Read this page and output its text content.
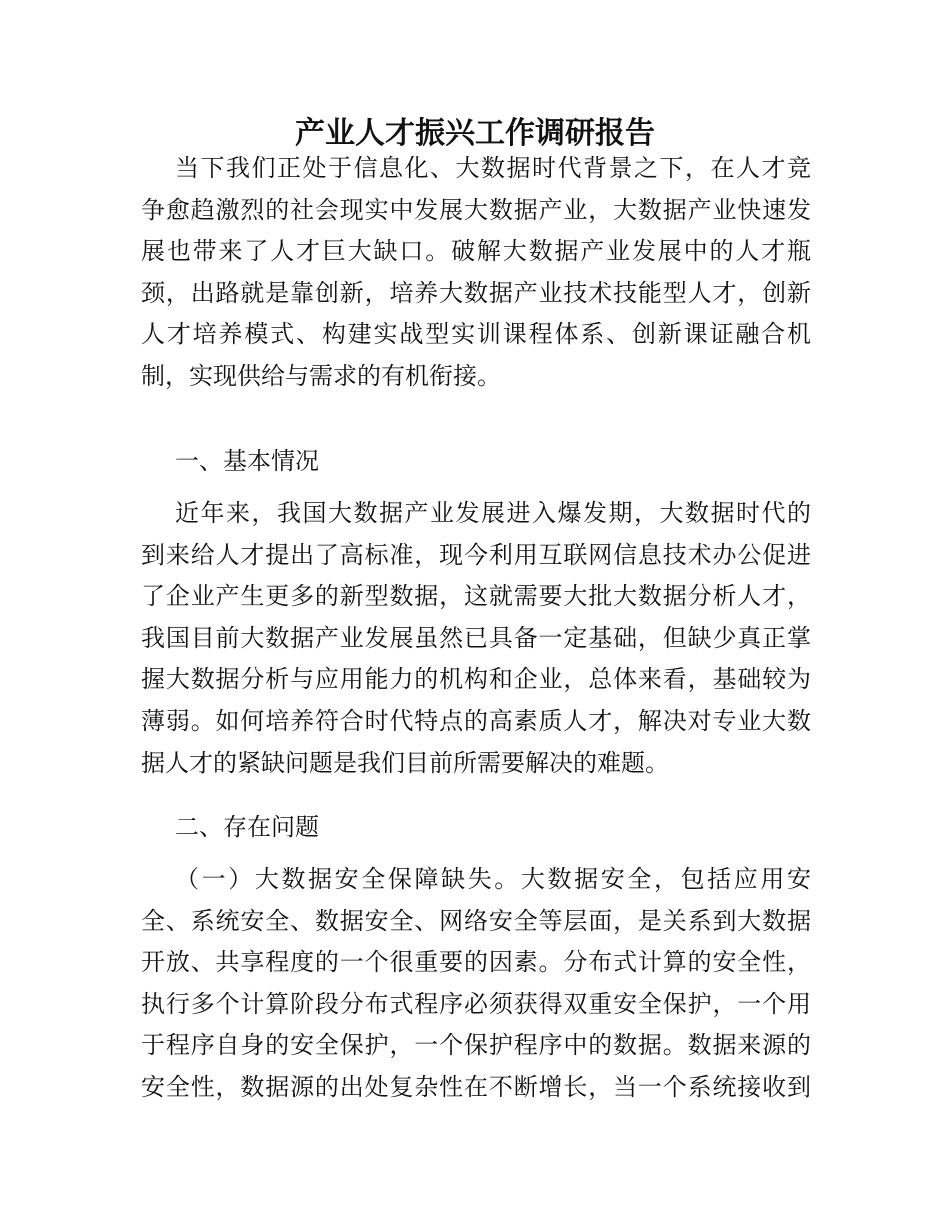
产业人才振兴工作调研报告
当下我们正处于信息化、大数据时代背景之下，在人才竞
争愈趋激烈的社会现实中发展大数据产业，大数据产业快速发
展也带来了人才巨大缺口。破解大数据产业发展中的人才瓶
颈，出路就是靠创新，培养大数据产业技术技能型人才，创新
人才培养模式、构建实战型实训课程体系、创新课证融合机
制，实现供给与需求的有机衔接。

一、基本情况

近年来，我国大数据产业发展进入爆发期，大数据时代的
到来给人才提出了高标准，现今利用互联网信息技术办公促进
了企业产生更多的新型数据，这就需要大批大数据分析人才，
我国目前大数据产业发展虽然已具备一定基础，但缺少真正掌
握大数据分析与应用能力的机构和企业，总体来看，基础较为
薄弱。如何培养符合时代特点的高素质人才，解决对专业大数
据人才的紧缺问题是我们目前所需要解决的难题。

二、存在问题

（一）大数据安全保障缺失。大数据安全，包括应用安
全、系统安全、数据安全、网络安全等层面，是关系到大数据
开放、共享程度的一个很重要的因素。分布式计算的安全性，
执行多个计算阶段分布式程序必须获得双重安全保护，一个用
于程序自身的安全保护，一个保护程序中的数据。数据来源的
安全性，数据源的出处复杂性在不断增长，当一个系统接收到
